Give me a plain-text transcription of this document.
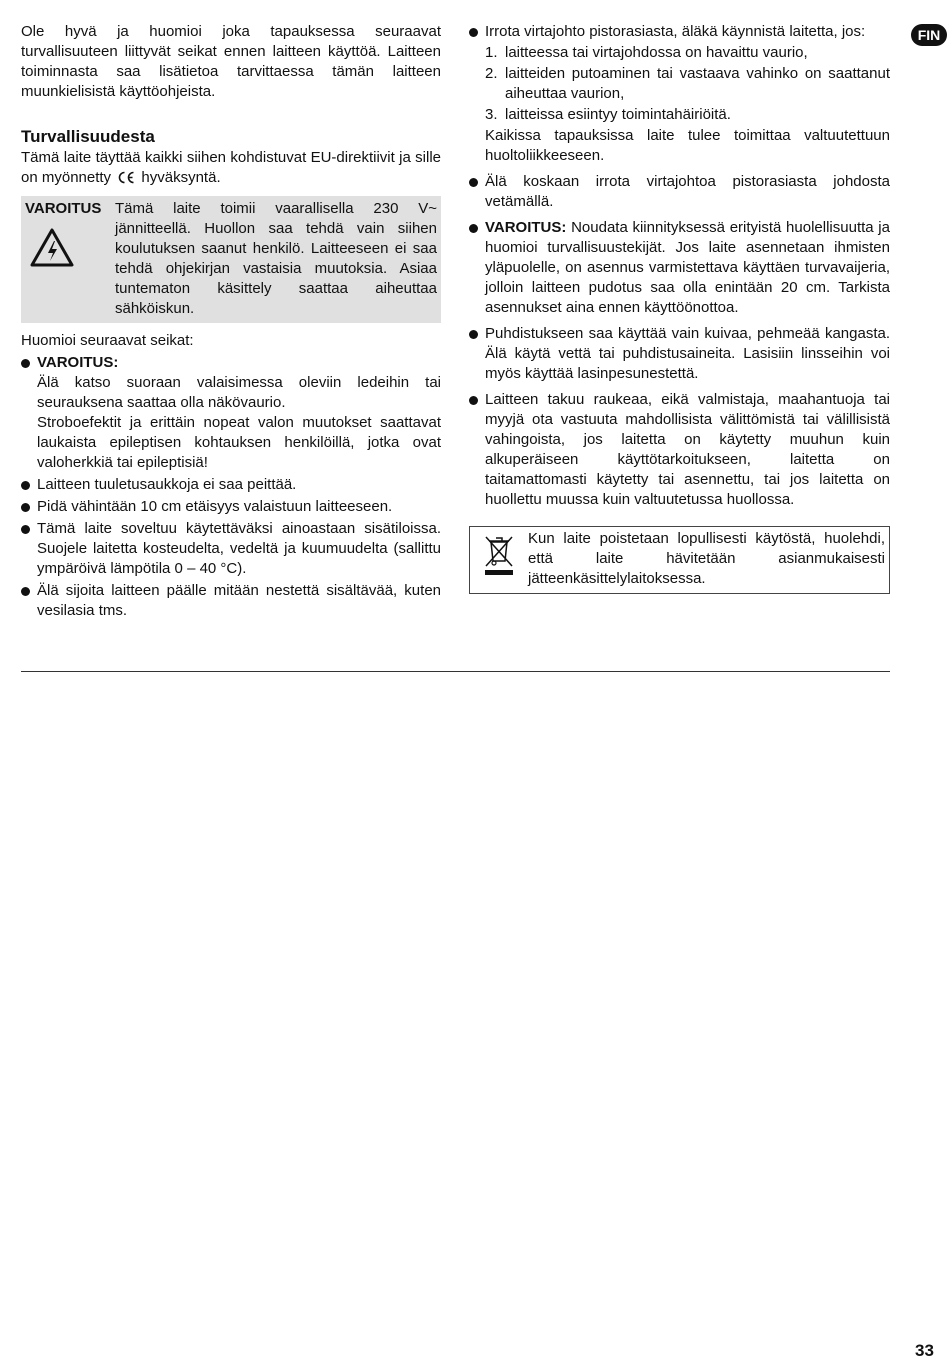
FIN

Ole hyvä ja huomioi joka tapauksessa seuraavat turvallisuuteen liittyvät seikat ennen laitteen käyttöä. Laitteen toiminnasta saa lisätietoa tarvittaessa tämän laitteen muunkielisistä käyttöohjeista.

Turvallisuudesta

Tämä laite täyttää kaikki siihen kohdistuvat EU-direktiivit ja sille on myönnetty hyväksyntä.

VAROITUS Tämä laite toimii vaarallisella 230 V~ jännitteellä. Huollon saa tehdä vain siihen koulutuksen saanut henkilö. Laitteeseen ei saa tehdä ohjekirjan vastaisia muutoksia. Asiaa tuntematon käsittely saattaa aiheuttaa sähköiskun.

Huomioi seuraavat seikat:

VAROITUS:
Älä katso suoraan valaisimessa oleviin ledeihin tai seurauksena saattaa olla näkövaurio.
Stroboefektit ja erittäin nopeat valon muutokset saattavat laukaista epileptisen kohtauksen henkilöillä, jotka ovat valoherkkiä tai epileptisiä!
Laitteen tuuletusaukkoja ei saa peittää.
Pidä vähintään 10 cm etäisyys valaistuun laitteeseen.
Tämä laite soveltuu käytettäväksi ainoastaan sisätiloissa. Suojele laitetta kosteudelta, vedeltä ja kuumuudelta (sallittu ympäröivä lämpötila 0 – 40 °C).
Älä sijoita laitteen päälle mitään nestettä sisältävää, kuten vesilasia tms.
Irrota virtajohto pistorasiasta, äläkä käynnistä laitetta, jos:
1. laitteessa tai virtajohdossa on havaittu vaurio,
2. laitteiden putoaminen tai vastaava vahinko on saattanut aiheuttaa vaurion,
3. laitteissa esiintyy toimintahäiriöitä.

Kaikissa tapauksissa laite tulee toimittaa valtuutettuun huoltoliikkeeseen.

Älä koskaan irrota virtajohtoa pistorasiasta johdosta vetämällä.
VAROITUS: Noudata kiinnityksessä erityistä huolellisuutta ja huomioi turvallisuustekijät. Jos laite asennetaan ihmisten yläpuolelle, on asennus varmistettava käyttäen turvavaijeria, jolloin laitteen pudotus saa olla enintään 20 cm. Tarkista asennukset aina ennen käyttöönottoa.
Puhdistukseen saa käyttää vain kuivaa, pehmeää kangasta. Älä käytä vettä tai puhdistusaineita. Lasisiin linsseihin voi myös käyttää lasinpesunestettä.
Laitteen takuu raukeaa, eikä valmistaja, maahantuoja tai myyjä ota vastuuta mahdollisista välittömistä tai välillisistä vahingoista, jos laitetta on käytetty muuhun kuin alkuperäiseen käyttötarkoitukseen, laitetta on taitamattomasti käytetty tai asennettu, tai jos laitetta on huollettu muussa kuin valtuutetussa huollossa.

Kun laite poistetaan lopullisesti käytöstä, huolehdi, että laite hävitetään asianmukaisesti jätteenkäsittelylaitoksessa.

33
